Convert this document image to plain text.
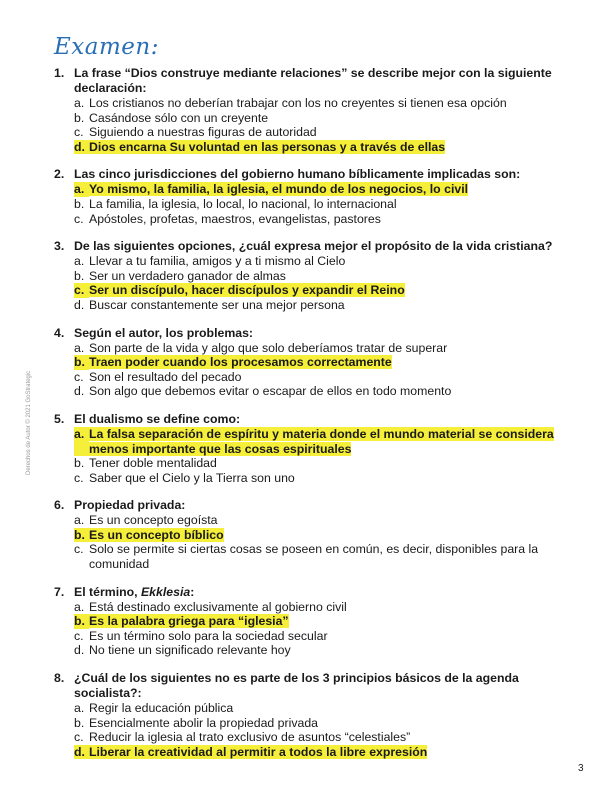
Examen:
Derechos de Autor © 2021 GoStrategic
1. La frase “Dios construye mediante relaciones” se describe mejor con la siguiente declaración:
a. Los cristianos no deberían trabajar con los no creyentes si tienen esa opción
b. Casándose sólo con un creyente
c. Siguiendo a nuestras figuras de autoridad
d. Dios encarna Su voluntad en las personas y a través de ellas
2. Las cinco jurisdicciones del gobierno humano bíblicamente implicadas son:
a. Yo mismo, la familia, la iglesia, el mundo de los negocios, lo civil
b. La familia, la iglesia, lo local, lo nacional, lo internacional
c. Apóstoles, profetas, maestros, evangelistas, pastores
3. De las siguientes opciones, ¿cuál expresa mejor el propósito de la vida cristiana?
a. Llevar a tu familia, amigos y a ti mismo al Cielo
b. Ser un verdadero ganador de almas
c. Ser un discípulo, hacer discípulos y expandir el Reino
d. Buscar constantemente ser una mejor persona
4. Según el autor, los problemas:
a. Son parte de la vida y algo que solo deberíamos tratar de superar
b. Traen poder cuando los procesamos correctamente
c. Son el resultado del pecado
d. Son algo que debemos evitar o escapar de ellos en todo momento
5. El dualismo se define como:
a. La falsa separación de espíritu y materia donde el mundo material se considera menos importante que las cosas espirituales
b. Tener doble mentalidad
c. Saber que el Cielo y la Tierra son uno
6. Propiedad privada:
a. Es un concepto egoísta
b. Es un concepto bíblico
c. Solo se permite si ciertas cosas se poseen en común, es decir, disponibles para la comunidad
7. El término, Ekklesia:
a. Está destinado exclusivamente al gobierno civil
b. Es la palabra griega para “iglesia”
c. Es un término solo para la sociedad secular
d. No tiene un significado relevante hoy
8. ¿Cuál de los siguientes no es parte de los 3 principios básicos de la agenda socialista?:
a. Regir la educación pública
b. Esencialmente abolir la propiedad privada
c. Reducir la iglesia al trato exclusivo de asuntos “celestiales”
d. Liberar la creatividad al permitir a todos la libre expresión
3
